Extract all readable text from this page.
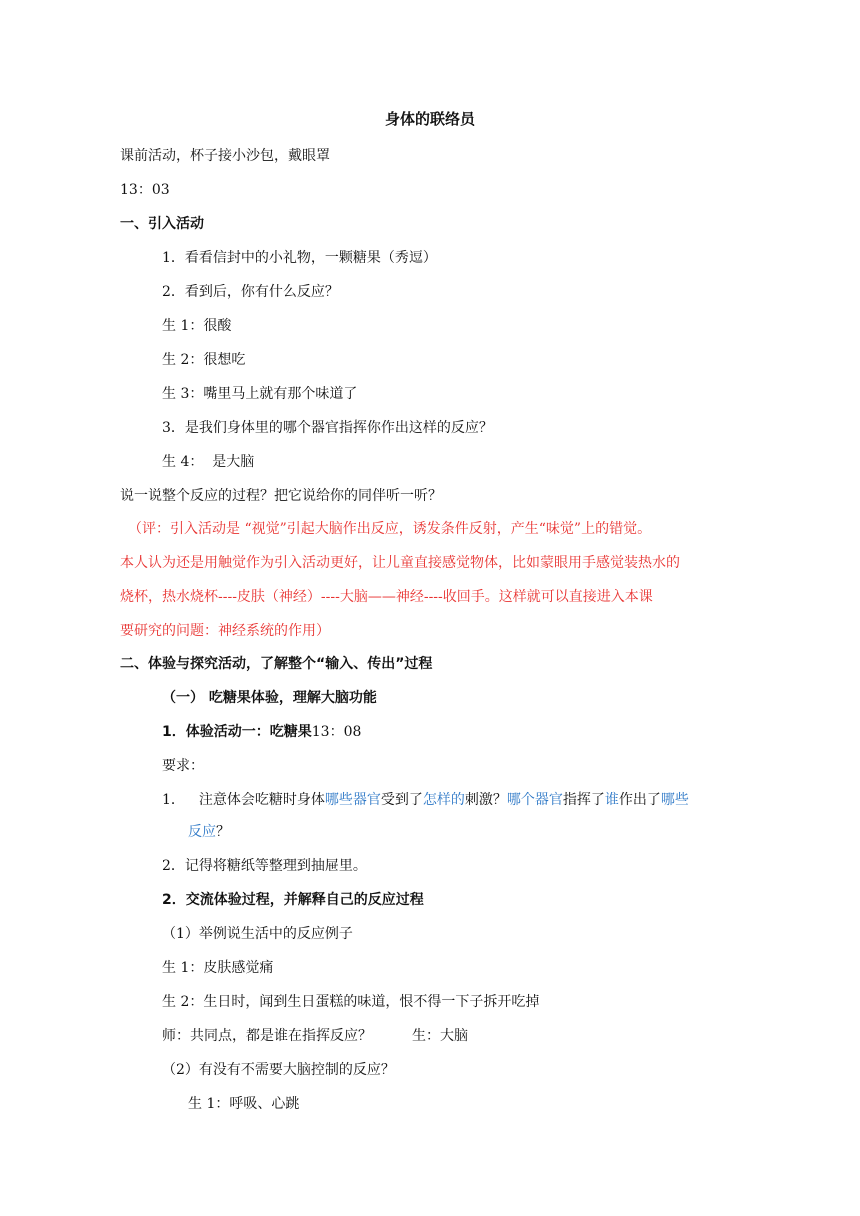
身体的联络员
课前活动，杯子接小沙包，戴眼罩
13：03
一、引入活动
1．看看信封中的小礼物，一颗糖果（秀逗）
2．看到后，你有什么反应？
生 1：很酸
生 2：很想吃
生 3：嘴里马上就有那个味道了
3．是我们身体里的哪个器官指挥你作出这样的反应？
生 4：  是大脑
说一说整个反应的过程？把它说给你的同伴听一听？
（评：引入活动是 “视觉”引起大脑作出反应，诱发条件反射，产生“味觉”上的错觉。
本人认为还是用触觉作为引入活动更好，让儿童直接感觉物体，比如蒙眼用手感觉装热水的
烧杯，热水烧杯----皮肤（神经）----大脑——神经----收回手。这样就可以直接进入本课
要研究的问题：神经系统的作用）
二、体验与探究活动，了解整个“输入、传出”过程
（一） 吃糖果体验，理解大脑功能
1．体验活动一：吃糖果13：08
要求：
1． 注意体会吃糖时身体哪些器官受到了怎样的刺激？哪个器官指挥了谁作出了哪些
反应？
2．记得将糖纸等整理到抽屉里。
2．交流体验过程，并解释自己的反应过程
（1）举例说生活中的反应例子
生 1：皮肤感觉痛
生 2：生日时，闻到生日蛋糕的味道，恨不得一下子拆开吃掉
师：共同点，都是谁在指挥反应？	生：大脑
（2）有没有不需要大脑控制的反应？
生 1：呼吸、心跳
